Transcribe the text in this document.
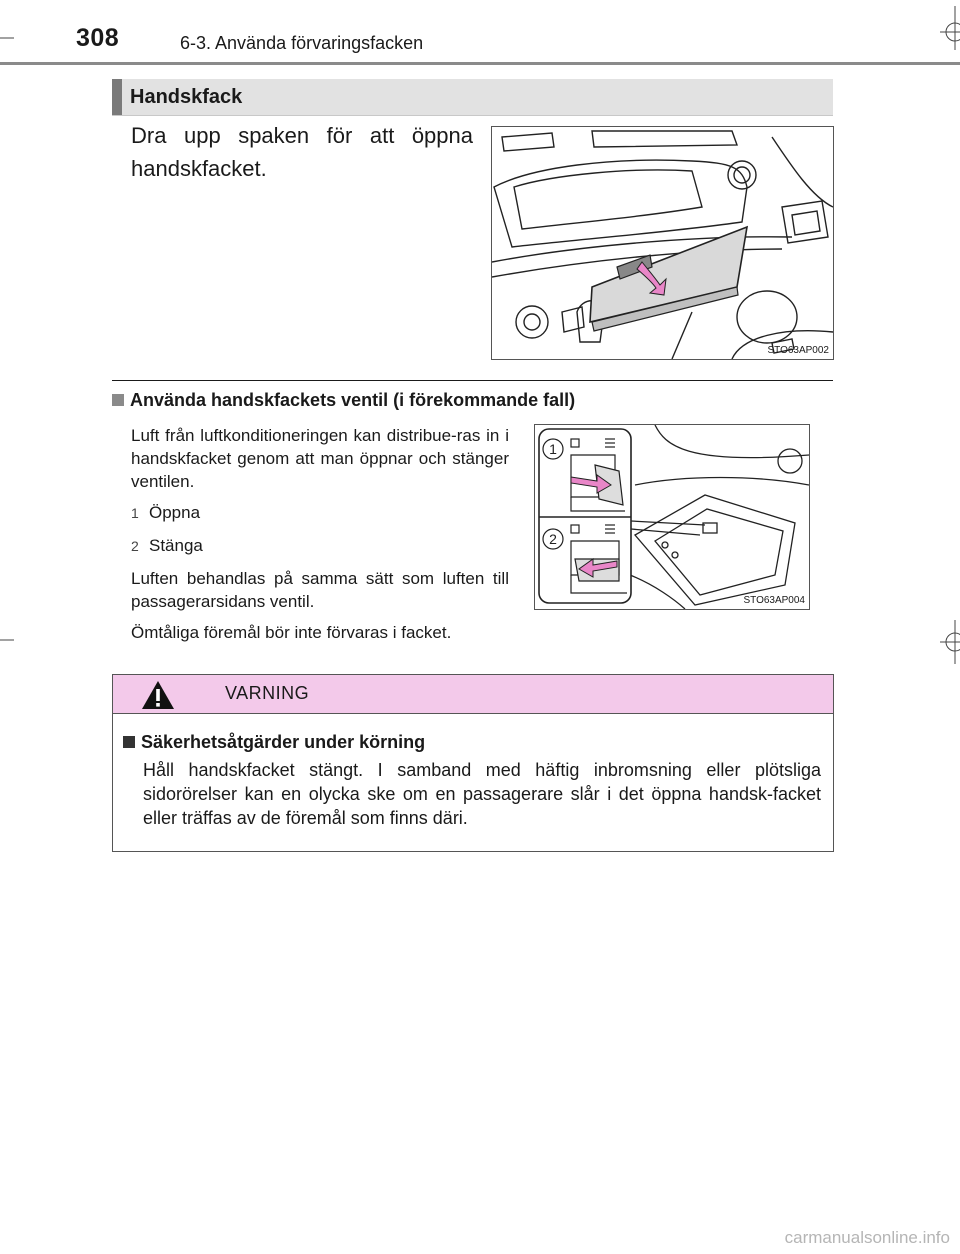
308	6-3. Använda förvaringsfacken
Handskfack
Dra upp spaken för att öppna handskfacket.
STO63AP002
Använda handskfackets ventil (i förekommande fall)
Luft från luftkonditioneringen kan distribue-ras in i handskfacket genom att man öppnar och stänger ventilen.
1 Öppna
2 Stänga
Luften behandlas på samma sätt som luften till passagerarsidans ventil.
Ömtåliga föremål bör inte förvaras i facket.
1
2
STO63AP004
VARNING
Säkerhetsåtgärder under körning
Håll handskfacket stängt. I samband med häftig inbromsning eller plötsliga sidorörelser kan en olycka ske om en passagerare slår i det öppna handsk-facket eller träffas av de föremål som finns däri.
carmanualsonline.info
